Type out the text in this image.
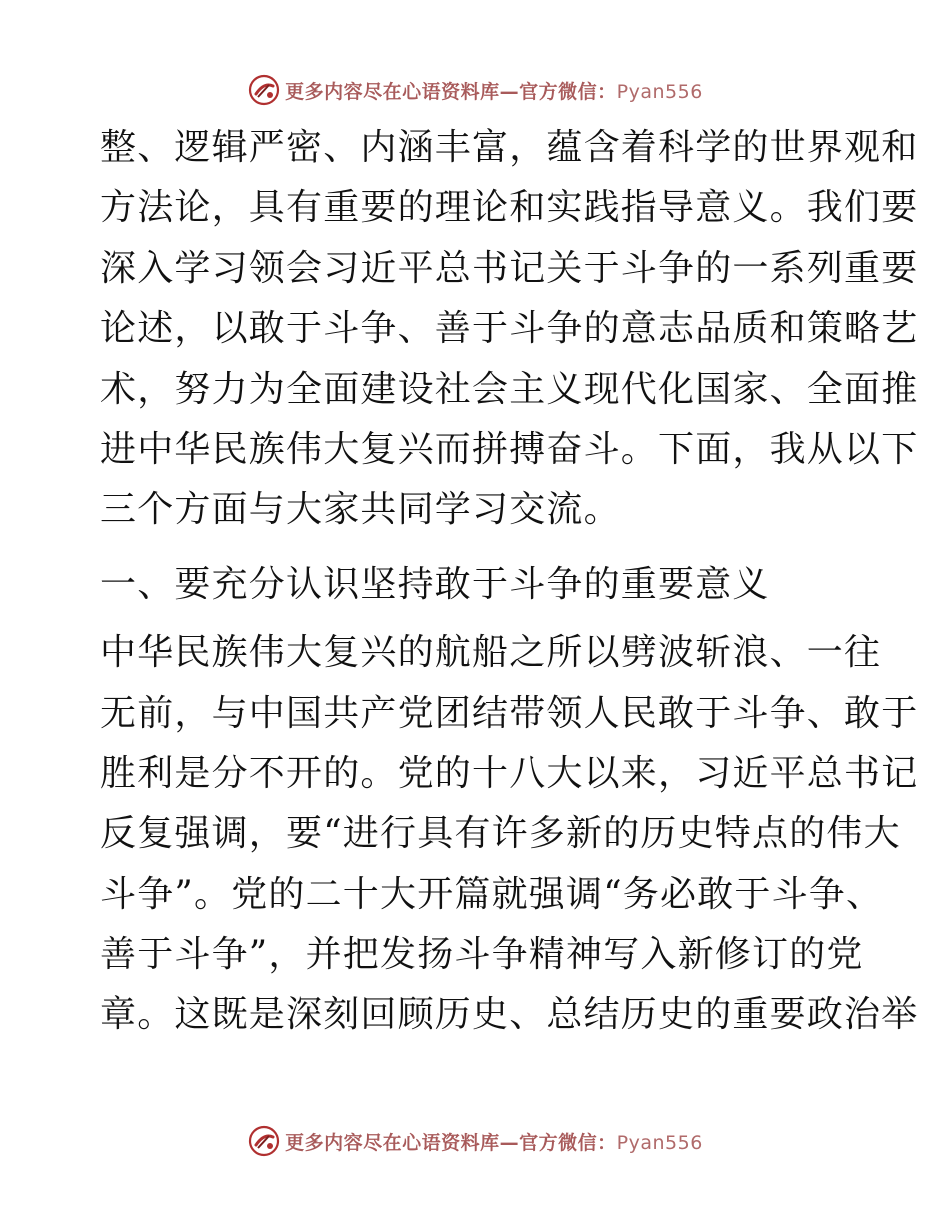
更多内容尽在心语资料库—官方微信：Pyan556
整、逻辑严密、内涵丰富，蕴含着科学的世界观和
方法论，具有重要的理论和实践指导意义。我们要
深入学习领会习近平总书记关于斗争的一系列重要
论述，以敢于斗争、善于斗争的意志品质和策略艺
术，努力为全面建设社会主义现代化国家、全面推
进中华民族伟大复兴而拼搏奋斗。下面，我从以下
三个方面与大家共同学习交流。
一、要充分认识坚持敢于斗争的重要意义
中华民族伟大复兴的航船之所以劈波斩浪、一往
无前，与中国共产党团结带领人民敢于斗争、敢于
胜利是分不开的。党的十八大以来，习近平总书记
反复强调，要“进行具有许多新的历史特点的伟大
斗争”。党的二十大开篇就强调“务必敢于斗争、
善于斗争”，并把发扬斗争精神写入新修订的党
章。这既是深刻回顾历史、总结历史的重要政治举
更多内容尽在心语资料库—官方微信：Pyan556
